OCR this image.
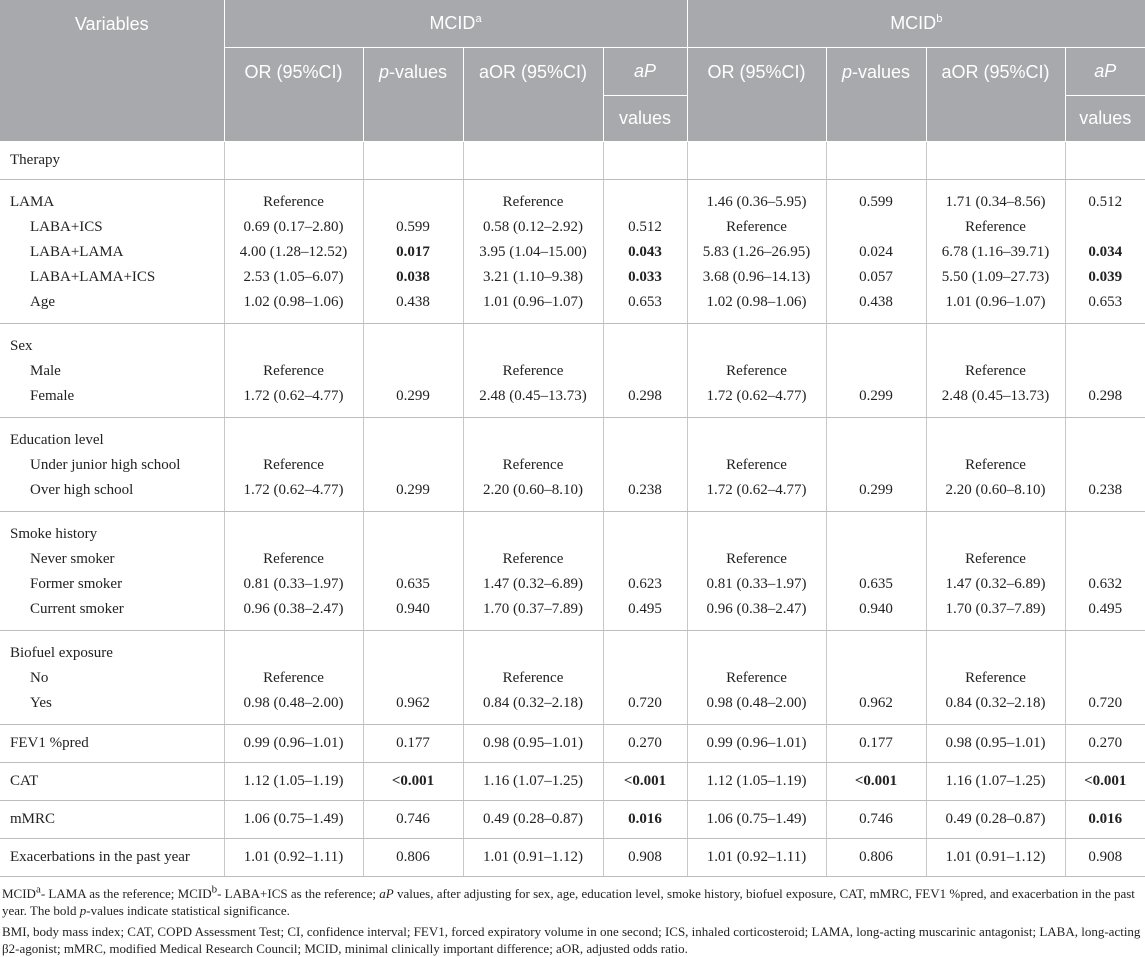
Variables	MCID$^a$				MCID$^b$
	OR (95%CI)	p-values	aOR (95%CI)	aP	OR (95%CI)	p-values	aOR (95%CI)	aP
				values				values
Therapy								
LAMA	Reference		Reference		1.46 (0.36–5.95)	0.599	1.71 (0.34–8.56)	0.512
LABA+ICS	0.69 (0.17–2.80)	0.599	0.58 (0.12–2.92)	0.512	Reference		Reference	
LABA+LAMA	4.00 (1.28–12.52)	0.017	3.95 (1.04–15.00)	0.043	5.83 (1.26–26.95)	0.024	6.78 (1.16–39.71)	0.034
LABA+LAMA+ICS	2.53 (1.05–6.07)	0.038	3.21 (1.10–9.38)	0.033	3.68 (0.96–14.13)	0.057	5.50 (1.09–27.73)	0.039
Age	1.02 (0.98–1.06)	0.438	1.01 (0.96–1.07)	0.653	1.02 (0.98–1.06)	0.438	1.01 (0.96–1.07)	0.653
Sex								
Male	Reference		Reference		Reference		Reference	
Female	1.72 (0.62–4.77)	0.299	2.48 (0.45–13.73)	0.298	1.72 (0.62–4.77)	0.299	2.48 (0.45–13.73)	0.298
Education level								
Under junior high school	Reference		Reference		Reference		Reference	
Over high school	1.72 (0.62–4.77)	0.299	2.20 (0.60–8.10)	0.238	1.72 (0.62–4.77)	0.299	2.20 (0.60–8.10)	0.238
Smoke history								
Never smoker	Reference		Reference		Reference		Reference	
Former smoker	0.81 (0.33–1.97)	0.635	1.47 (0.32–6.89)	0.623	0.81 (0.33–1.97)	0.635	1.47 (0.32–6.89)	0.632
Current smoker	0.96 (0.38–2.47)	0.940	1.70 (0.37–7.89)	0.495	0.96 (0.38–2.47)	0.940	1.70 (0.37–7.89)	0.495
Biofuel exposure								
No	Reference		Reference		Reference		Reference	
Yes	0.98 (0.48–2.00)	0.962	0.84 (0.32–2.18)	0.720	0.98 (0.48–2.00)	0.962	0.84 (0.32–2.18)	0.720
FEV1 %pred	0.99 (0.96–1.01)	0.177	0.98 (0.95–1.01)	0.270	0.99 (0.96–1.01)	0.177	0.98 (0.95–1.01)	0.270
CAT	1.12 (1.05–1.19)	<0.001	1.16 (1.07–1.25)	<0.001	1.12 (1.05–1.19)	<0.001	1.16 (1.07–1.25)	<0.001
mMRC	1.06 (0.75–1.49)	0.746	0.49 (0.28–0.87)	0.016	1.06 (0.75–1.49)	0.746	0.49 (0.28–0.87)	0.016
Exacerbations in the past year	1.01 (0.92–1.11)	0.806	1.01 (0.91–1.12)	0.908	1.01 (0.92–1.11)	0.806	1.01 (0.91–1.12)	0.908

MCID$^a$- LAMA as the reference; MCID$^b$- LABA+ICS as the reference; aP values, after adjusting for sex, age, education level, smoke history, biofuel exposure, CAT, mMRC, FEV1 %pred, and exacerbation in the past year. The bold p-values indicate statistical significance.

BMI, body mass index; CAT, COPD Assessment Test; CI, confidence interval; FEV1, forced expiratory volume in one second; ICS, inhaled corticosteroid; LAMA, long-acting muscarinic antagonist; LABA, long-acting β2-agonist; mMRC, modified Medical Research Council; MCID, minimal clinically important difference; aOR, adjusted odds ratio.
